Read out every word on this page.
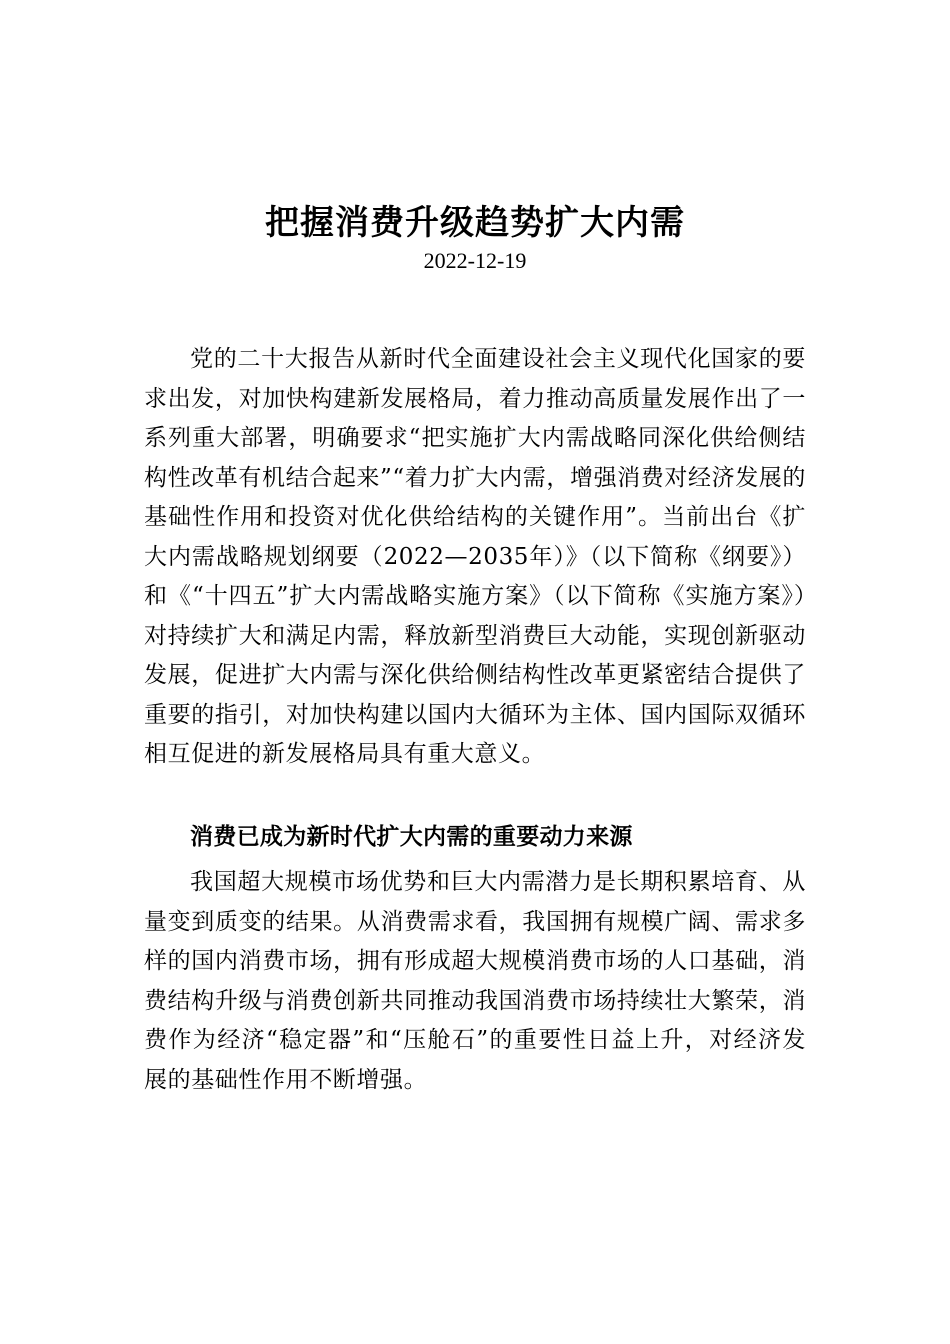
把握消费升级趋势扩大内需
2022-12-19

党的二十大报告从新时代全面建设社会主义现代化国家的要求出发，对加快构建新发展格局，着力推动高质量发展作出了一系列重大部署，明确要求“把实施扩大内需战略同深化供给侧结构性改革有机结合起来”“着力扩大内需，增强消费对经济发展的基础性作用和投资对优化供给结构的关键作用”。当前出台《扩大内需战略规划纲要（2022—2035年）》（以下简称《纲要》）和《“十四五”扩大内需战略实施方案》（以下简称《实施方案》）对持续扩大和满足内需，释放新型消费巨大动能，实现创新驱动发展，促进扩大内需与深化供给侧结构性改革更紧密结合提供了重要的指引，对加快构建以国内大循环为主体、国内国际双循环相互促进的新发展格局具有重大意义。

消费已成为新时代扩大内需的重要动力来源

我国超大规模市场优势和巨大内需潜力是长期积累培育、从量变到质变的结果。从消费需求看，我国拥有规模广阔、需求多样的国内消费市场，拥有形成超大规模消费市场的人口基础，消费结构升级与消费创新共同推动我国消费市场持续壮大繁荣，消费作为经济“稳定器”和“压舱石”的重要性日益上升，对经济发展的基础性作用不断增强。
